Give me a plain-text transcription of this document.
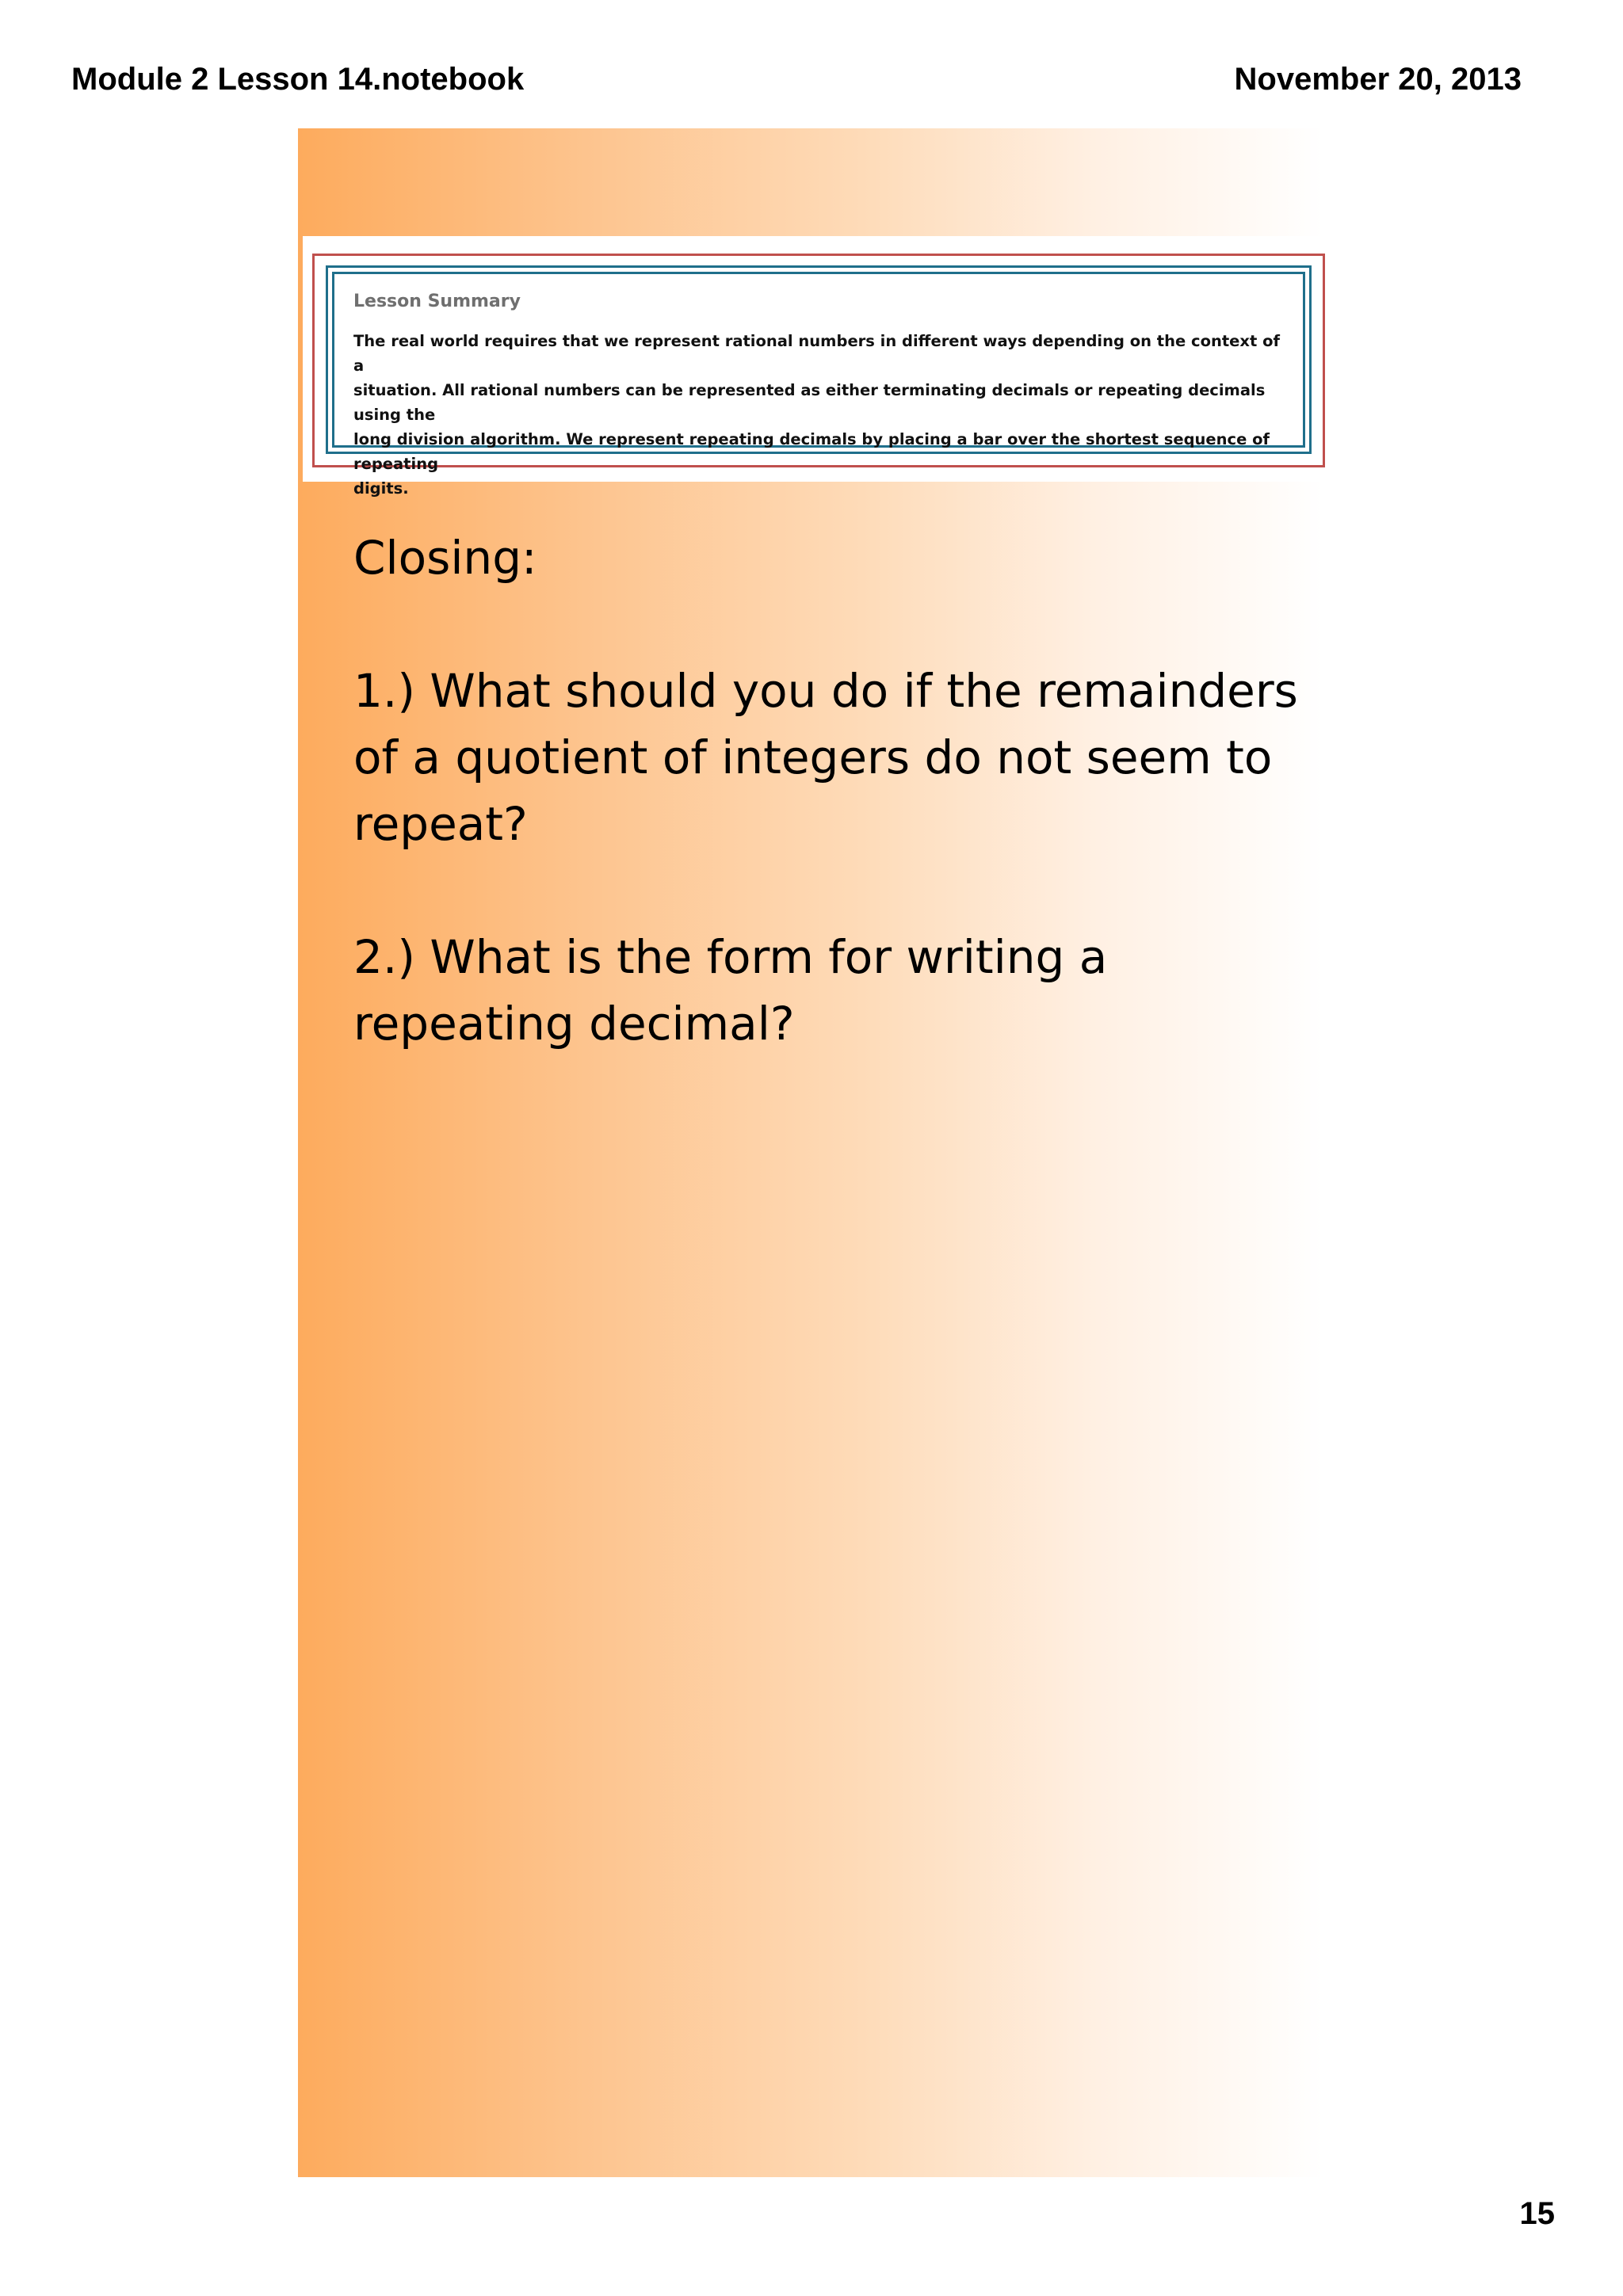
Module 2 Lesson 14.notebook	November 20, 2013

Lesson Summary

The real world requires that we represent rational numbers in different ways depending on the context of a
situation. All rational numbers can be represented as either terminating decimals or repeating decimals using the
long division algorithm. We represent repeating decimals by placing a bar over the shortest sequence of repeating
digits.

Closing:

1.) What should you do if the remainders
of a quotient of integers do not seem to
repeat?

2.) What is the form for writing a
repeating decimal?

15
